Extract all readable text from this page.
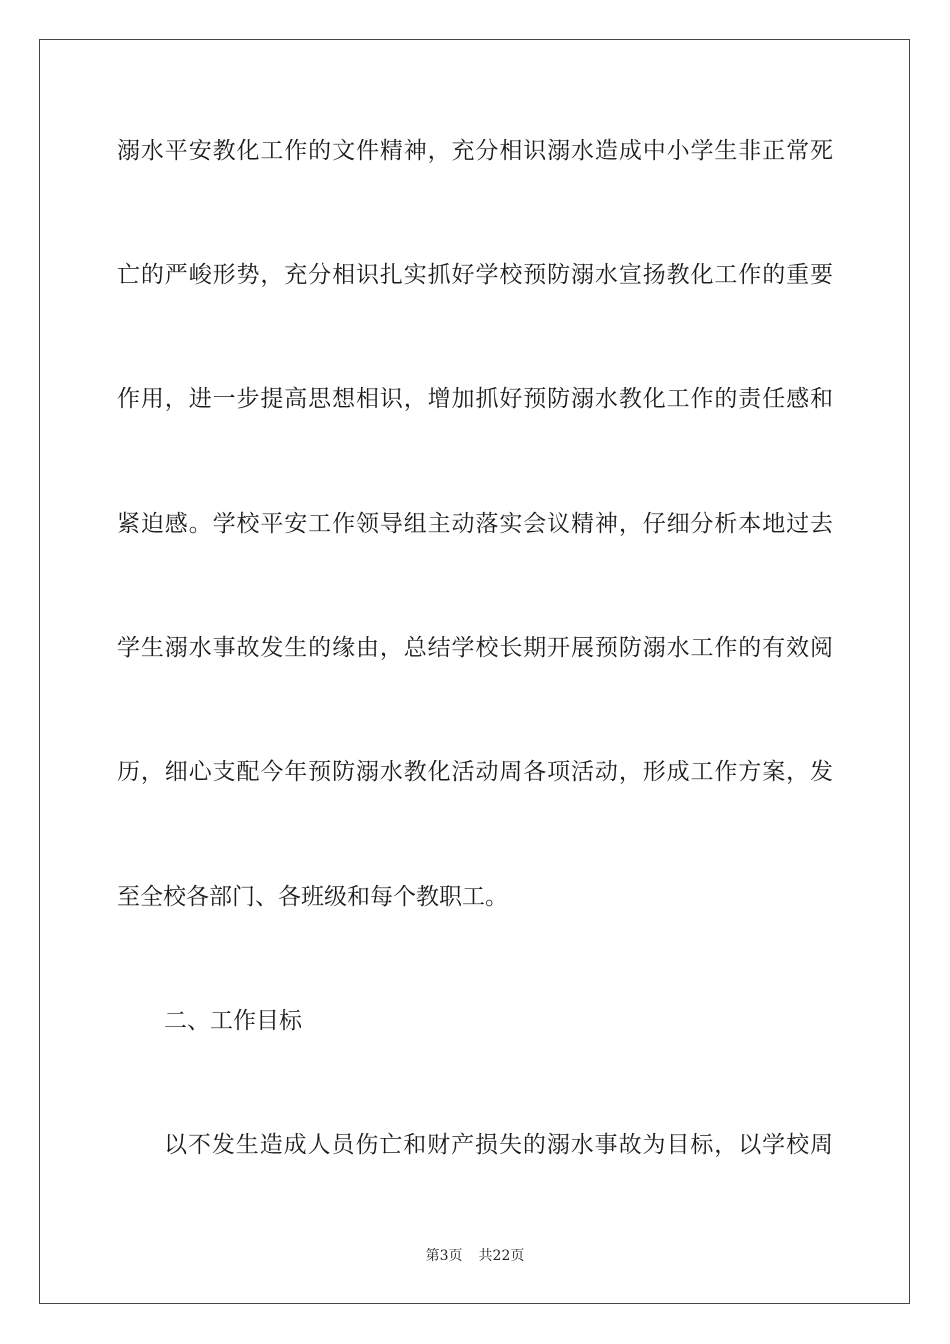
溺水平安教化工作的文件精神，充分相识溺水造成中小学生非正常死
亡的严峻形势，充分相识扎实抓好学校预防溺水宣扬教化工作的重要
作用，进一步提高思想相识，增加抓好预防溺水教化工作的责任感和
紧迫感。学校平安工作领导组主动落实会议精神，仔细分析本地过去
学生溺水事故发生的缘由，总结学校长期开展预防溺水工作的有效阅
历，细心支配今年预防溺水教化活动周各项活动，形成工作方案，发
至全校各部门、各班级和每个教职工。
二、工作目标
以不发生造成人员伤亡和财产损失的溺水事故为目标，以学校周
第3页 共22页
